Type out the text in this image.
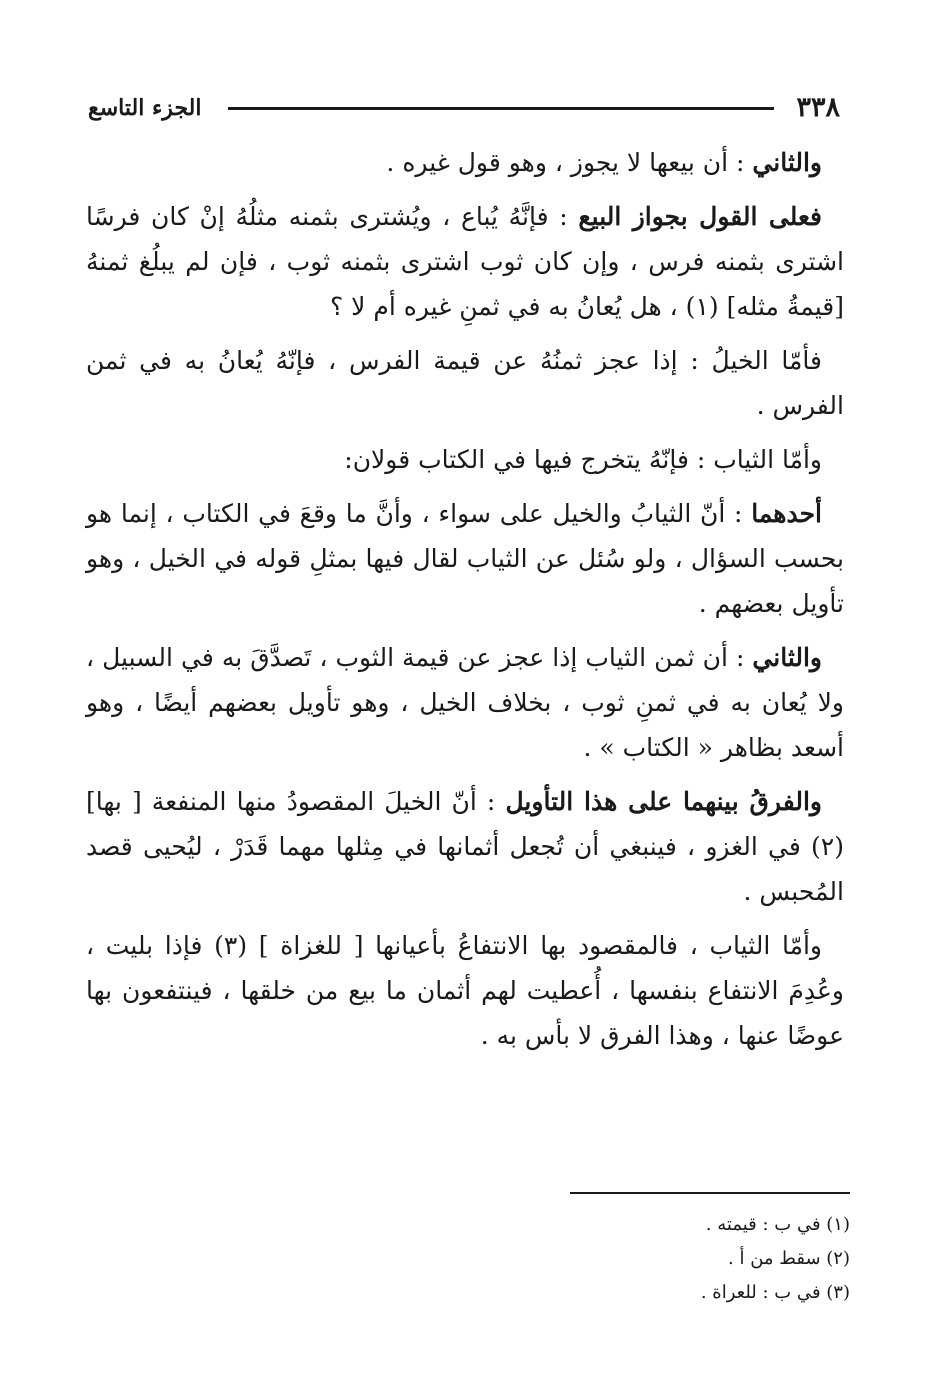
٣٣٨
الجزء التاسع

والثاني : أن بيعها لا يجوز ، وهو قول غيره .

فعلى القول بجواز البيع : فإنَّهُ يُباع ، ويُشترى بثمنه مثلُهُ إنْ كان فرسًا اشترى بثمنه فرس ، وإن كان ثوب اشترى بثمنه ثوب ، فإن لم يبلُغ ثمنهُ [قيمةُ مثله] (١) ، هل يُعانُ به في ثمنِ غيره أم لا ؟

فأمّا الخيلُ : إذا عجز ثمنُهُ عن قيمة الفرس ، فإنّهُ يُعانُ به في ثمن الفرس .

وأمّا الثياب : فإنّهُ يتخرج فيها في الكتاب قولان:

أحدهما : أنّ الثيابُ والخيل على سواء ، وأنَّ ما وقعَ في الكتاب ، إنما هو بحسب السؤال ، ولو سُئل عن الثياب لقال فيها بمثلِ قوله في الخيل ، وهو تأويل بعضهم .

والثاني : أن ثمن الثياب إذا عجز عن قيمة الثوب ، تَصدَّقَ به في السبيل ، ولا يُعان به في ثمنِ ثوب ، بخلاف الخيل ، وهو تأويل بعضهم أيضًا ، وهو أسعد بظاهر « الكتاب » .

والفرقُ بينهما على هذا التأويل : أنّ الخيلَ المقصودُ منها المنفعة [ بها](٢) في الغزو ، فينبغي أن تُجعل أثمانها في مِثلها مهما قَدَرْ ، ليُحيى قصد المُحبس .

وأمّا الثياب ، فالمقصود بها الانتفاعُ بأعيانها [ للغزاة ] (٣) فإذا بليت ، وعُدِمَ الانتفاع بنفسها ، أُعطيت لهم أثمان ما بيع من خلقها ، فينتفعون بها عوضًا عنها ، وهذا الفرق لا بأس به .

(١) في ب : قيمته .
(٢) سقط من أ .
(٣) في ب : للعراة .
